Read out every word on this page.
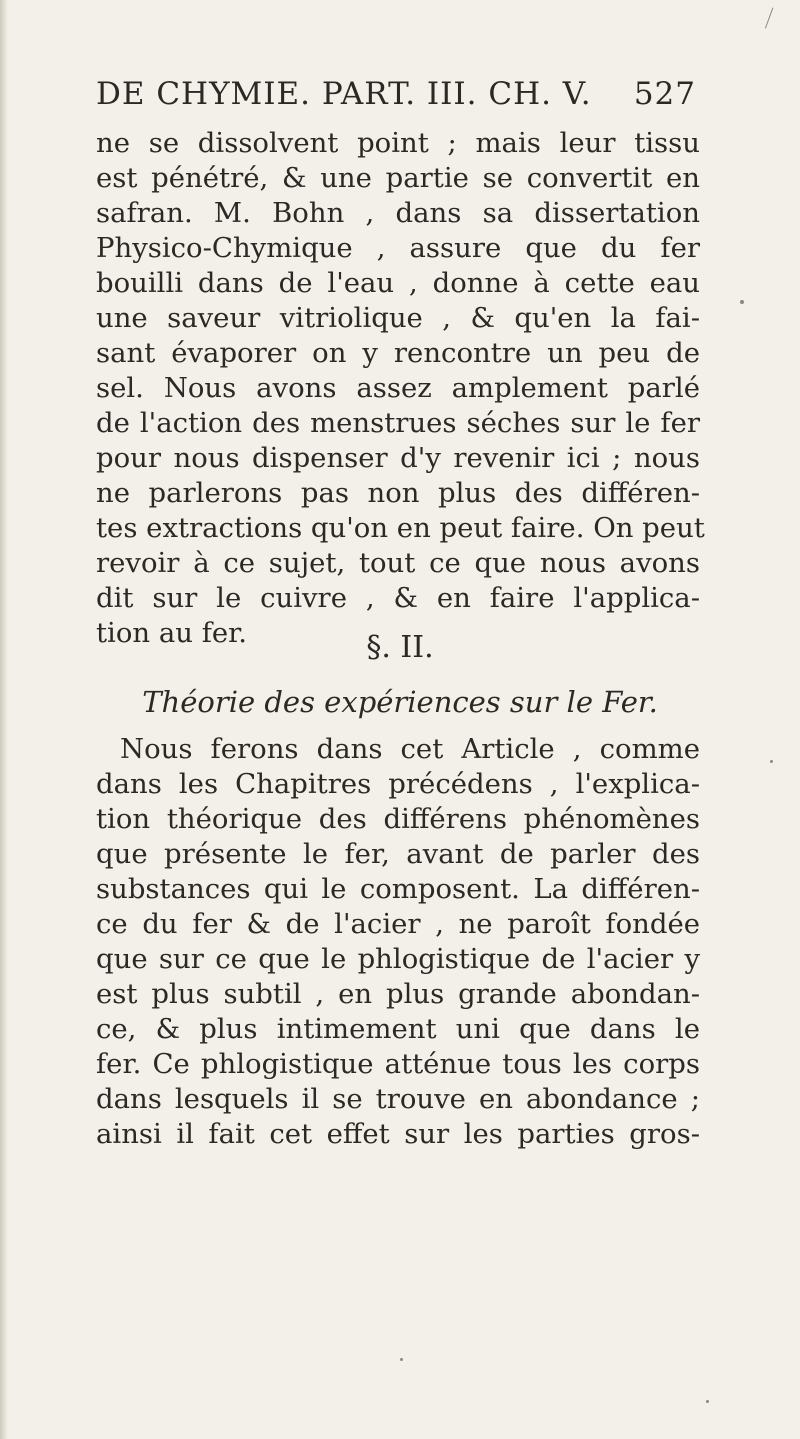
DE CHYMIE. PART. III. CH. V. 527
ne se dissolvent point ; mais leur tissu
est pénétré, & une partie se convertit en
safran. M. Bohn , dans sa dissertation
Physico-Chymique , assure que du fer
bouilli dans de l'eau , donne à cette eau
une saveur vitriolique , & qu'en la fai-
sant évaporer on y rencontre un peu de
sel. Nous avons assez amplement parlé
de l'action des menstrues séches sur le fer
pour nous dispenser d'y revenir ici ; nous
ne parlerons pas non plus des différen-
tes extractions qu'on en peut faire. On peut
revoir à ce sujet, tout ce que nous avons
dit sur le cuivre , & en faire l'applica-
tion au fer.	§. II.
Théorie des expériences sur le Fer.
Nous ferons dans cet Article , comme
dans les Chapitres précédens , l'explica-
tion théorique des différens phénomènes
que présente le fer, avant de parler des
substances qui le composent. La différen-
ce du fer & de l'acier , ne paroît fondée
que sur ce que le phlogistique de l'acier y
est plus subtil , en plus grande abondan-
ce, & plus intimement uni que dans le
fer. Ce phlogistique atténue tous les corps
dans lesquels il se trouve en abondance ;
ainsi il fait cet effet sur les parties gros-
